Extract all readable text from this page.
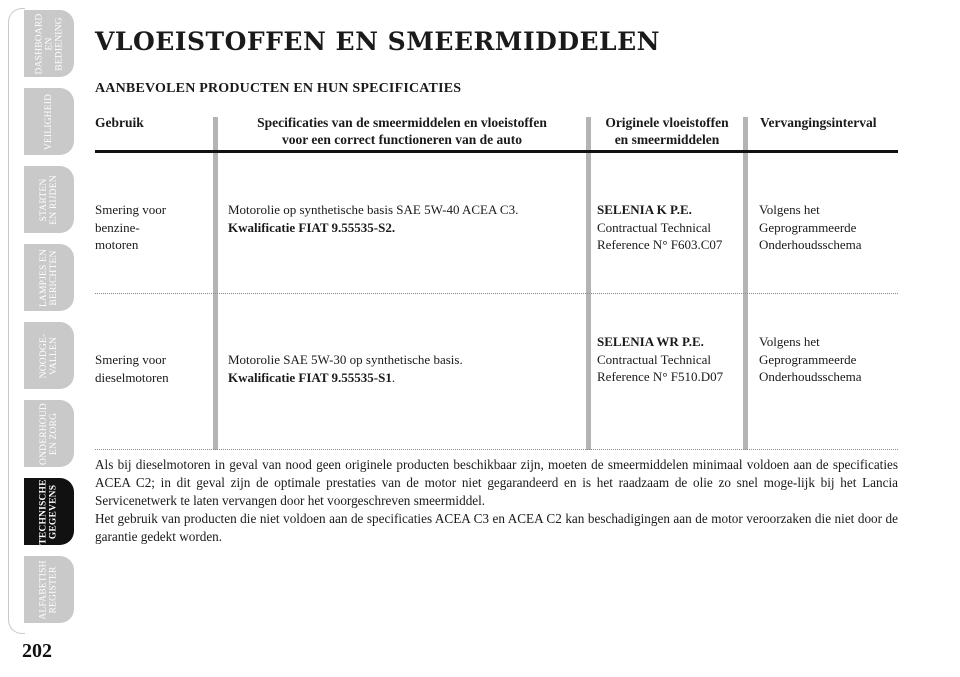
DASHBOARD
EN
BEDIENING
VEILIGHEID
STARTEN
EN RIJDEN
LAMPJES EN
BERICHTEN
NOODGE-
VALLEN
ONDERHOUD
EN ZORG
TECHNISCHE
GEGEVENS
ALFABETISH
REGISTER
202
VLOEISTOFFEN EN SMEERMIDDELEN
AANBEVOLEN PRODUCTEN EN HUN SPECIFICATIES
Gebruik	Specificaties van de smeermiddelen en vloeistoffen
voor een correct functioneren van de auto
Originele vloeistoffen
en smeermiddelen
Vervangingsinterval
Smering voor
benzine-
motoren
Motorolie op synthetische basis SAE 5W-40 ACEA C3.
Kwalificatie FIAT 9.55535-S2.
SELENIA K P.E.
Contractual Technical
Reference N° F603.C07
Volgens het
Geprogrammeerde
Onderhoudsschema
Smering voor
dieselmotoren
Motorolie SAE 5W-30 op synthetische basis.
Kwalificatie FIAT 9.55535-S1.
SELENIA WR P.E.
Contractual Technical
Reference N° F510.D07
Volgens het
Geprogrammeerde
Onderhoudsschema
Als bij dieselmotoren in geval van nood geen originele producten beschikbaar zijn, moeten de smeermiddelen minimaal voldoen aan de specificaties ACEA C2; in dit geval zijn de optimale prestaties van de motor niet gegarandeerd en is het raadzaam de olie zo snel moge-lijk bij het Lancia Servicenetwerk te laten vervangen door het voorgeschreven smeermiddel.
Het gebruik van producten die niet voldoen aan de specificaties ACEA C3 en ACEA C2 kan beschadigingen aan de motor veroorzaken die niet door de garantie gedekt worden.
